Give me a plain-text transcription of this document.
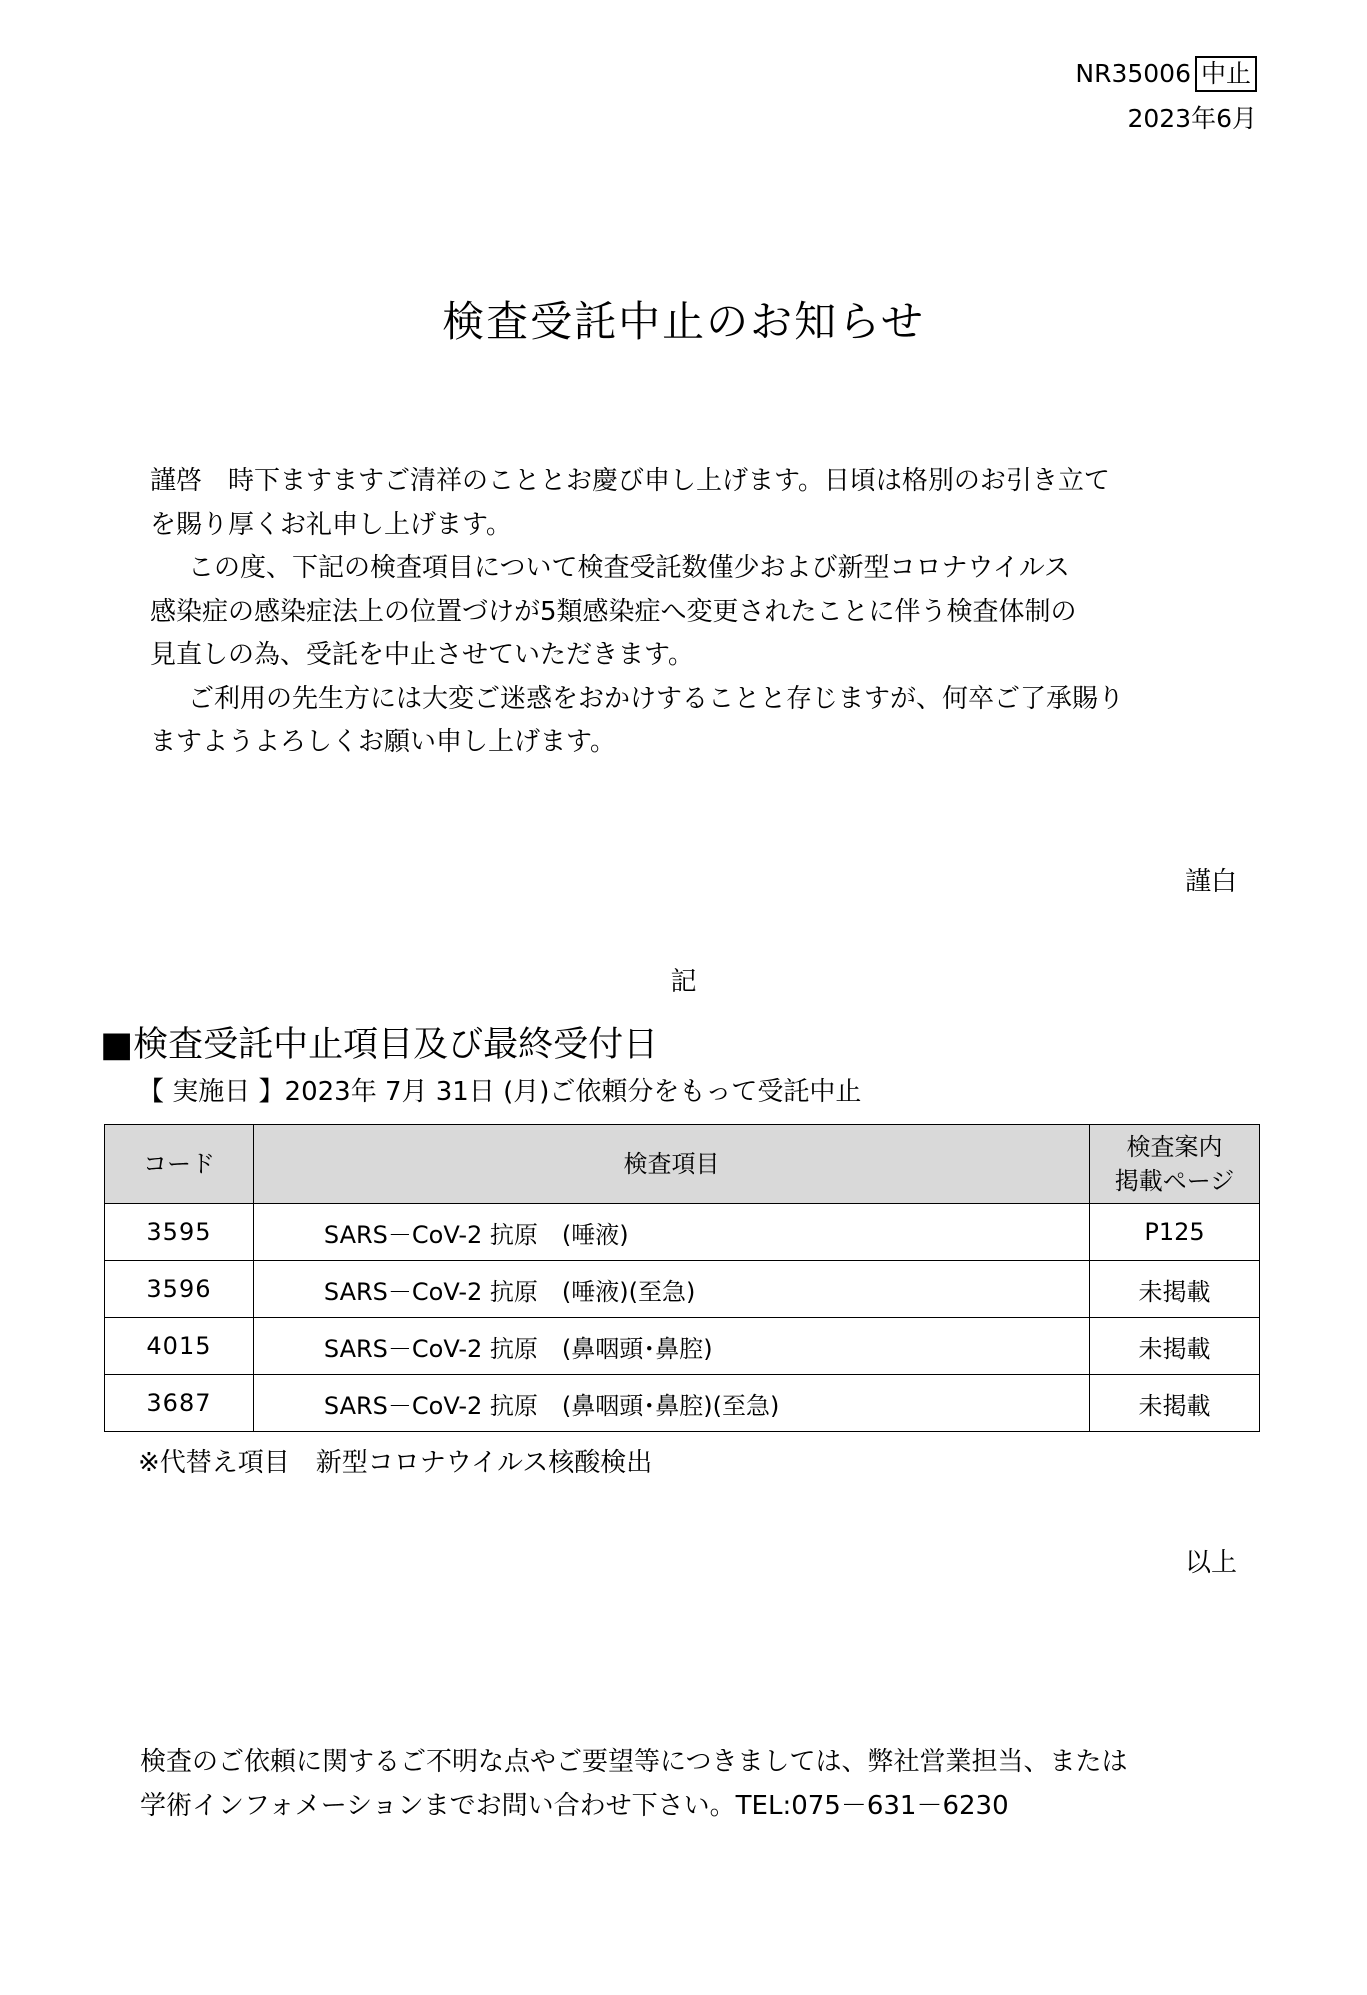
NR35006 中止
2023年6月
検査受託中止のお知らせ
謹啓　時下ますますご清祥のこととお慶び申し上げます。日頃は格別のお引き立て
を賜り厚くお礼申し上げます。
この度、下記の検査項目について検査受託数僅少および新型コロナウイルス
感染症の感染症法上の位置づけが5類感染症へ変更されたことに伴う検査体制の
見直しの為、受託を中止させていただきます。
ご利用の先生方には大変ご迷惑をおかけすることと存じますが、何卒ご了承賜り
ますようよろしくお願い申し上げます。
謹白
記
■検査受託中止項目及び最終受付日
【 実施日 】2023年 7月 31日 (月)ご依頼分をもって受託中止
コード	検査項目	検査案内
掲載ページ
3595	SARS－CoV-2 抗原　(唾液)	P125
3596	SARS－CoV-2 抗原　(唾液)(至急)	未掲載
4015	SARS－CoV-2 抗原　(鼻咽頭･鼻腔)	未掲載
3687	SARS－CoV-2 抗原　(鼻咽頭･鼻腔)(至急)	未掲載
※代替え項目　新型コロナウイルス核酸検出
以上
検査のご依頼に関するご不明な点やご要望等につきましては、弊社営業担当、または
学術インフォメーションまでお問い合わせ下さい。TEL:075－631－6230
